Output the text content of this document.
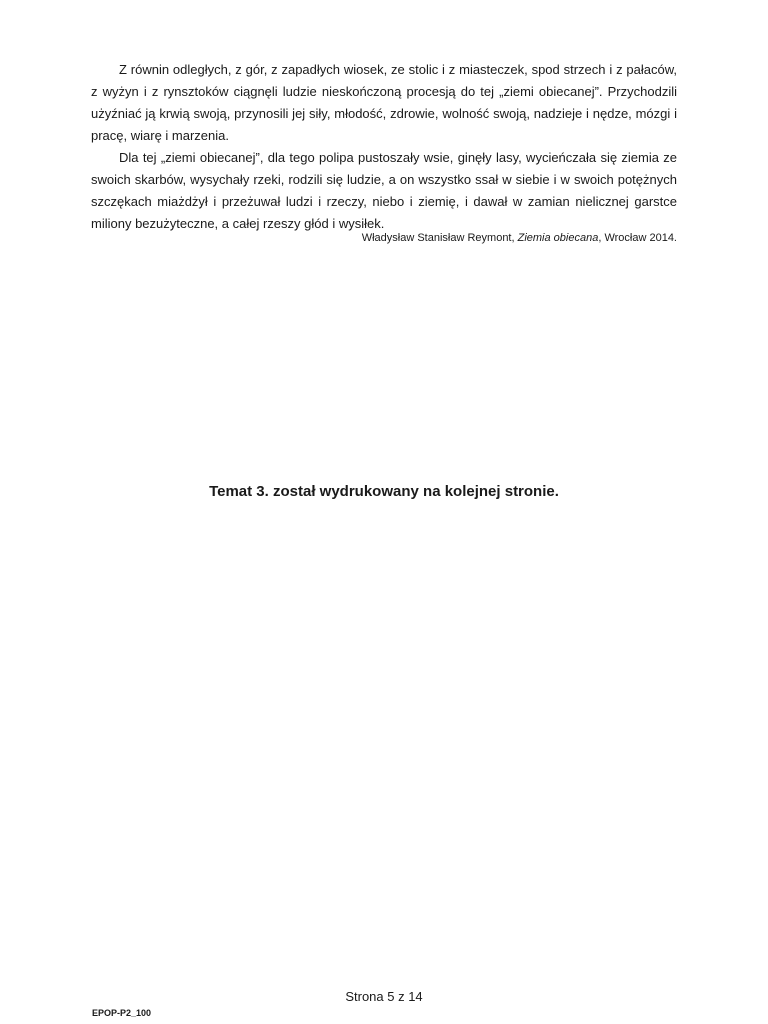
Z równin odległych, z gór, z zapadłych wiosek, ze stolic i z miasteczek, spod strzech i z pałaców, z wyżyn i z rynsztoków ciągnęli ludzie nieskończoną procesją do tej „ziemi obiecanej”. Przychodzili użyźniać ją krwią swoją, przynosili jej siły, młodość, zdrowie, wolność swoją, nadzieje i nędze, mózgi i pracę, wiarę i marzenia.

Dla tej „ziemi obiecanej”, dla tego polipa pustoszały wsie, ginęły lasy, wycieńczała się ziemia ze swoich skarbów, wysychały rzeki, rodzili się ludzie, a on wszystko ssał w siebie i w swoich potężnych szczękach miażdżył i przeżuwał ludzi i rzeczy, niebo i ziemię, i dawał w zamian nielicznej garstce miliony bezużyteczne, a całej rzeszy głód i wysiłek.

Władysław Stanisław Reymont, Ziemia obiecana, Wrocław 2014.
Temat 3. został wydrukowany na kolejnej stronie.
Strona 5 z 14
EPOP-P2_100
